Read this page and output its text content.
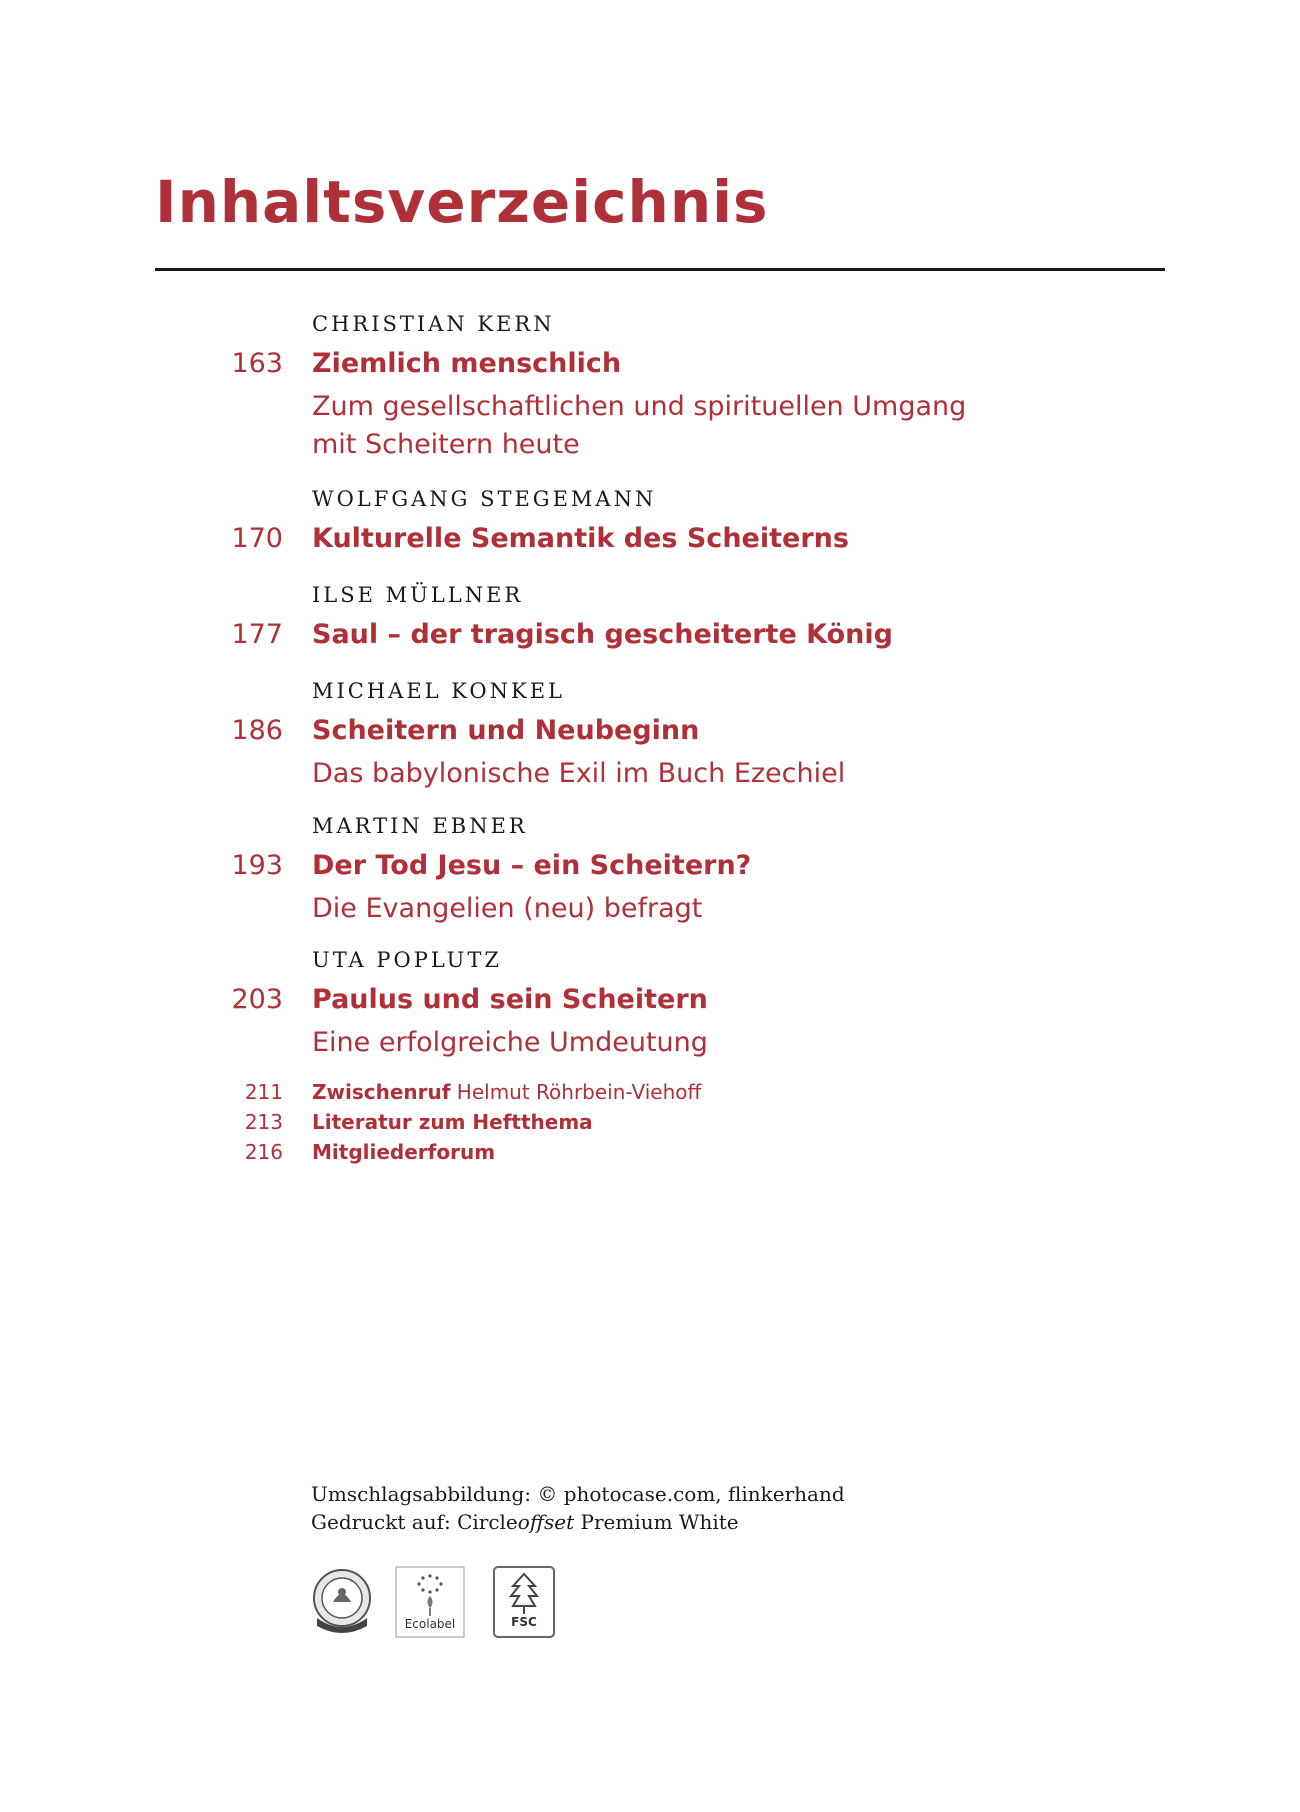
Inhaltsverzeichnis
CHRISTIAN KERN
163 Ziemlich menschlich
Zum gesellschaftlichen und spirituellen Umgang
mit Scheitern heute
WOLFGANG STEGEMANN
170 Kulturelle Semantik des Scheiterns
ILSE MÜLLNER
177 Saul – der tragisch gescheiterte König
MICHAEL KONKEL
186 Scheitern und Neubeginn
Das babylonische Exil im Buch Ezechiel
MARTIN EBNER
193 Der Tod Jesu – ein Scheitern?
Die Evangelien (neu) befragt
UTA POPLUTZ
203 Paulus und sein Scheitern
Eine erfolgreiche Umdeutung
211 Zwischenruf Helmut Röhrbein-Viehoff
213 Literatur zum Heftthema
216 Mitgliederforum
Umschlagsabbildung: © photocase.com, flinkerhand
Gedruckt auf: Circleoffset Premium White
Ecolabel	FSC
